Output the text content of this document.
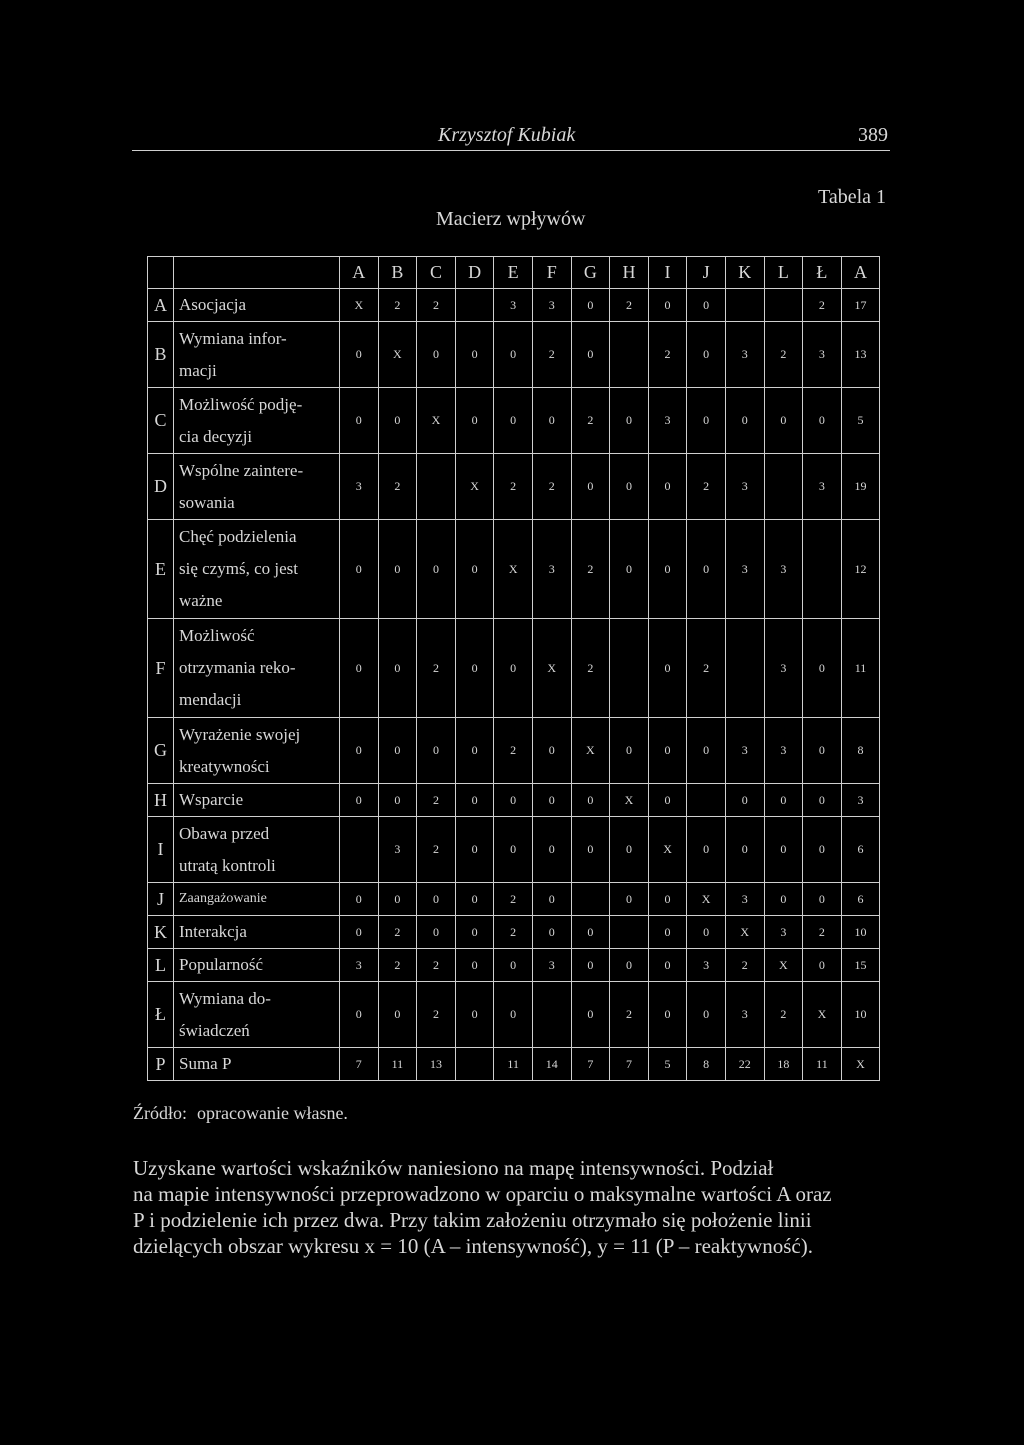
Krzysztof Kubiak	389
Tabela 1
Macierz wpływów
		A	B	C	D	E	F	G	H	I	J	K	L	Ł	A
A	Asocjacja	X	2	2		3	3	0	2	0	0			2	17
B	Wymiana infor-
macji	0	X	0	0	0	2	0		2	0	3	2	3	13
C	Możliwość podję-
cia decyzji	0	0	X	0	0	0	2	0	3	0	0	0	0	5
D	Wspólne zaintere-
sowania	3	2		X	2	2	0	0	0	2	3		3	19
E	Chęć podzielenia
się czymś, co jest
ważne	0	0	0	0	X	3	2	0	0	0	3	3		12
F	Możliwość
otrzymania reko-
mendacji	0	0	2	0	0	X	2		0	2		3	0	11
G	Wyrażenie swojej
kreatywności	0	0	0	0	2	0	X	0	0	0	3	3	0	8
H	Wsparcie	0	0	2	0	0	0	0	X	0		0	0	0	3
I	Obawa przed
utratą kontroli		3	2	0	0	0	0	0	X	0	0	0	0	6
J	Zaangażowanie	0	0	0	0	2	0		0	0	X	3	0	0	6
K	Interakcja	0	2	0	0	2	0	0		0	0	X	3	2	10
L	Popularność	3	2	2	0	0	3	0	0	0	3	2	X	0	15
Ł	Wymiana do-
świadczeń	0	0	2	0	0		0	2	0	0	3	2	X	10
P	Suma P	7	11	13		11	14	7	7	5	8	22	18	11	X
Źródło: opracowanie własne.

Uzyskane wartości wskaźników naniesiono na mapę intensywności. Podział

na mapie intensywności przeprowadzono w oparciu o maksymalne wartości A oraz

P i podzielenie ich przez dwa. Przy takim założeniu otrzymało się położenie linii

dzielących obszar wykresu x = 10 (A – intensywność), y = 11 (P – reaktywność).
